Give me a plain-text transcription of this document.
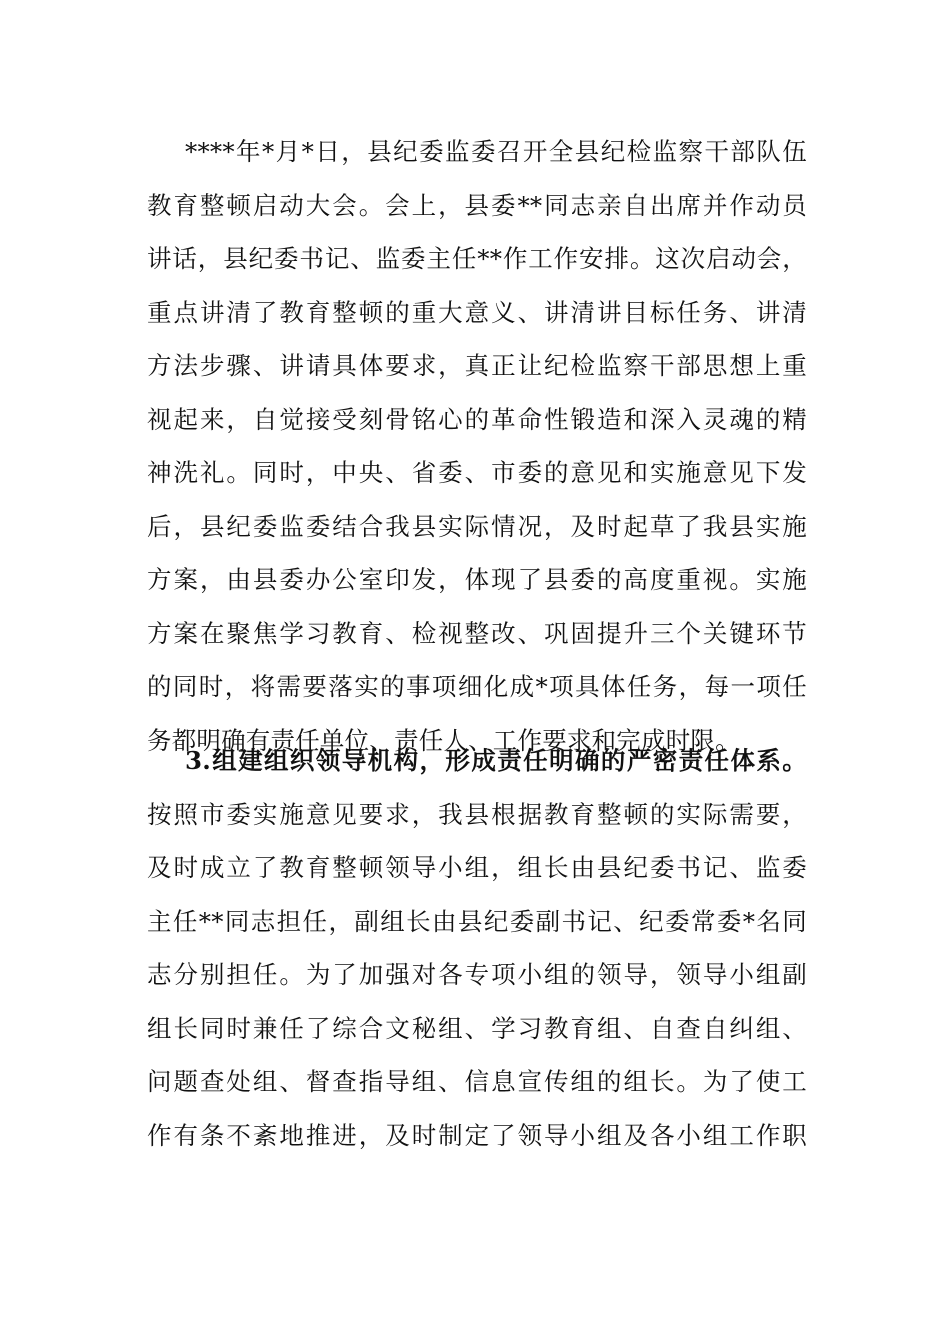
****年*月*日，县纪委监委召开全县纪检监察干部队伍
教育整顿启动大会。会上，县委**同志亲自出席并作动员
讲话，县纪委书记、监委主任**作工作安排。这次启动会，
重点讲清了教育整顿的重大意义、讲清讲目标任务、讲清
方法步骤、讲请具体要求，真正让纪检监察干部思想上重
视起来，自觉接受刻骨铭心的革命性锻造和深入灵魂的精
神洗礼。同时，中央、省委、市委的意见和实施意见下发
后，县纪委监委结合我县实际情况，及时起草了我县实施
方案，由县委办公室印发，体现了县委的高度重视。实施
方案在聚焦学习教育、检视整改、巩固提升三个关键环节
的同时，将需要落实的事项细化成*项具体任务，每一项任
务都明确有责任单位、责任人、工作要求和完成时限。
3.组建组织领导机构，形成责任明确的严密责任体系。
按照市委实施意见要求，我县根据教育整顿的实际需要，
及时成立了教育整顿领导小组，组长由县纪委书记、监委
主任**同志担任，副组长由县纪委副书记、纪委常委*名同
志分别担任。为了加强对各专项小组的领导，领导小组副
组长同时兼任了综合文秘组、学习教育组、自查自纠组、
问题查处组、督查指导组、信息宣传组的组长。为了使工
作有条不紊地推进，及时制定了领导小组及各小组工作职
